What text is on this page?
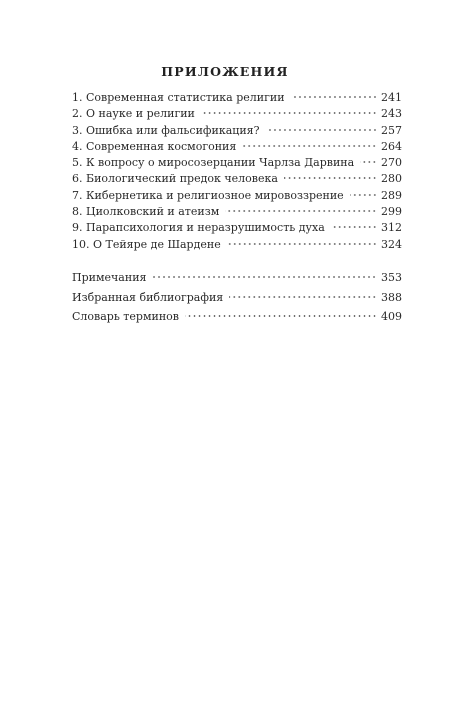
ПРИЛОЖЕНИЯ
1. Современная статистика религии	241
2. О науке и религии	243
3. Ошибка или фальсификация?	257
4. Современная космогония	264
5. К вопросу о миросозерцании Чарлза Дарвина 270
6. Биологический предок человека	280
7. Кибернетика и религиозное мировоззрение	289
8. Циолковский и атеизм	299
9. Парапсихология и неразрушимость духа	312
10. О Тейяре де Шардене	324
Примечания	353
Избранная библиография	388
Словарь терминов	409
